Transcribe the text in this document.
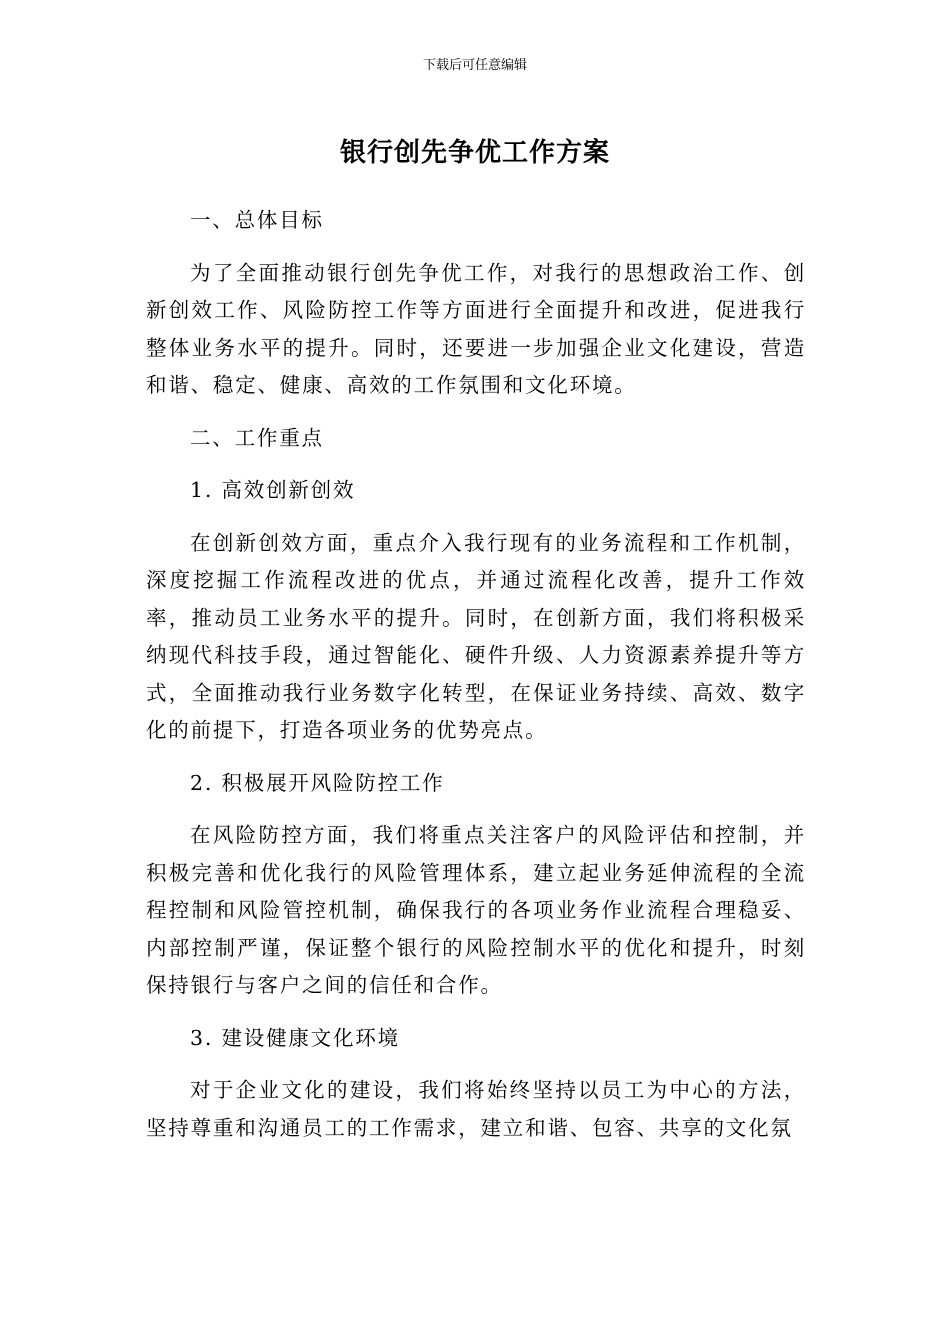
下载后可任意编辑
银行创先争优工作方案
一、总体目标
为了全面推动银行创先争优工作，对我行的思想政治工作、创新创效工作、风险防控工作等方面进行全面提升和改进，促进我行整体业务水平的提升。同时，还要进一步加强企业文化建设，营造和谐、稳定、健康、高效的工作氛围和文化环境。
二、工作重点
1. 高效创新创效
在创新创效方面，重点介入我行现有的业务流程和工作机制，深度挖掘工作流程改进的优点，并通过流程化改善，提升工作效率，推动员工业务水平的提升。同时，在创新方面，我们将积极采纳现代科技手段，通过智能化、硬件升级、人力资源素养提升等方式，全面推动我行业务数字化转型，在保证业务持续、高效、数字化的前提下，打造各项业务的优势亮点。
2. 积极展开风险防控工作
在风险防控方面，我们将重点关注客户的风险评估和控制，并积极完善和优化我行的风险管理体系，建立起业务延伸流程的全流程控制和风险管控机制，确保我行的各项业务作业流程合理稳妥、内部控制严谨，保证整个银行的风险控制水平的优化和提升，时刻保持银行与客户之间的信任和合作。
3. 建设健康文化环境
对于企业文化的建设，我们将始终坚持以员工为中心的方法，坚持尊重和沟通员工的工作需求，建立和谐、包容、共享的文化氛
